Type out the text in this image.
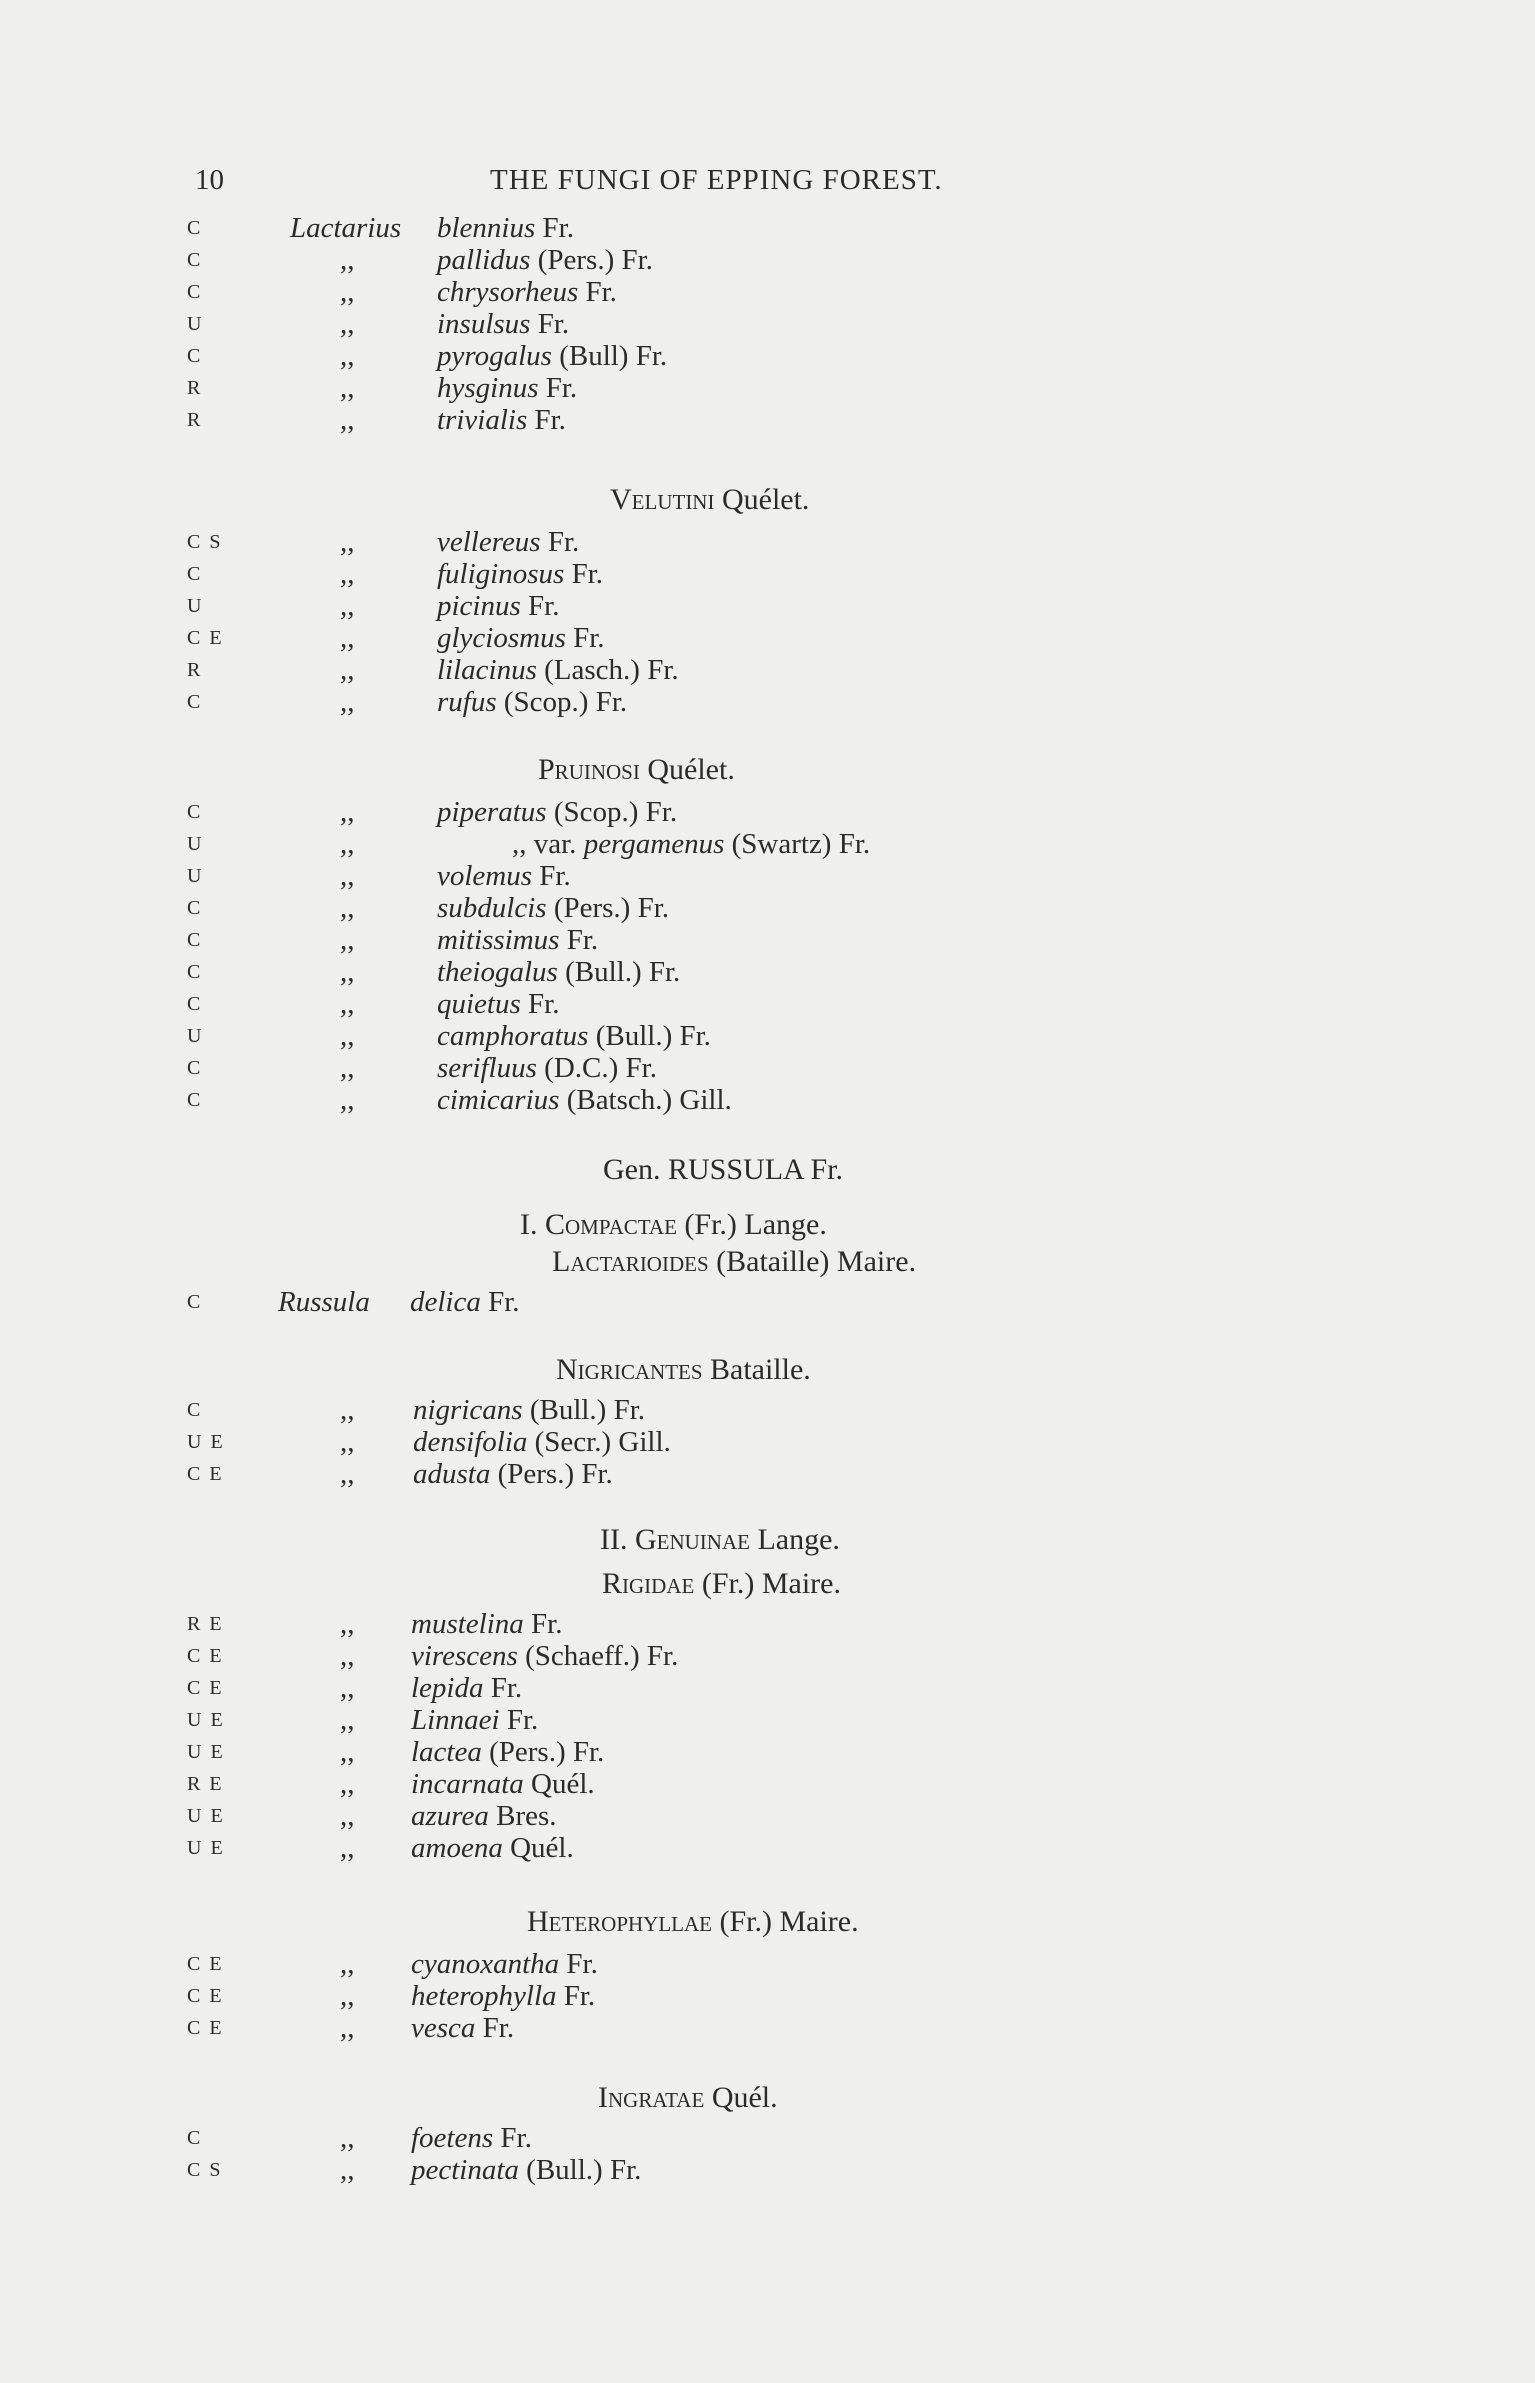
10	THE FUNGI OF EPPING FOREST.
C	Lactarius blennius Fr.
C	,,	pallidus (Pers.) Fr.
C	,,	chrysorheus Fr.
U	,,	insulsus Fr.
C	,,	pyrogalus (Bull) Fr.
R	,,	hysginus Fr.
R	,,	trivialis Fr.
Velutini Quélet.
C S	,,	vellereus Fr.
C	,,	fuliginosus Fr.
U	,,	picinus Fr.
C E	,,	glyciosmus Fr.
R	,,	lilacinus (Lasch.) Fr.
C	,,	rufus (Scop.) Fr.
Pruinosi Quélet.
C	,,	piperatus (Scop.) Fr.
U	,,	,, var. pergamenus (Swartz) Fr.
U	,,	volemus Fr.
C	,,	subdulcis (Pers.) Fr.
C	,,	mitissimus Fr.
C	,,	theiogalus (Bull.) Fr.
C	,,	quietus Fr.
U	,,	camphoratus (Bull.) Fr.
C	,,	serifluus (D.C.) Fr.
C	,,	cimicarius (Batsch.) Gill.
Gen. RUSSULA Fr.
I. Compactae (Fr.) Lange.
Lactarioides (Bataille) Maire.
C	Russula delica Fr.
Nigricantes Bataille.
C	,, nigricans (Bull.) Fr.
U E	,, densifolia (Secr.) Gill.
C E	,, adusta (Pers.) Fr.
II. Genuinae Lange.
Rigidae (Fr.) Maire.
R E	,, mustelina Fr.
C E	,, virescens (Schaeff.) Fr.
C E	,, lepida Fr.
U E	,, Linnaei Fr.
U E	,, lactea (Pers.) Fr.
R E	,, incarnata Quél.
U E	,, azurea Bres.
U E	,, amoena Quél.
Heterophyllae (Fr.) Maire.
C E	,, cyanoxantha Fr.
C E	,, heterophylla Fr.
C E	,, vesca Fr.
Ingratae Quél.
C	,, foetens Fr.
C S	,, pectinata (Bull.) Fr.
